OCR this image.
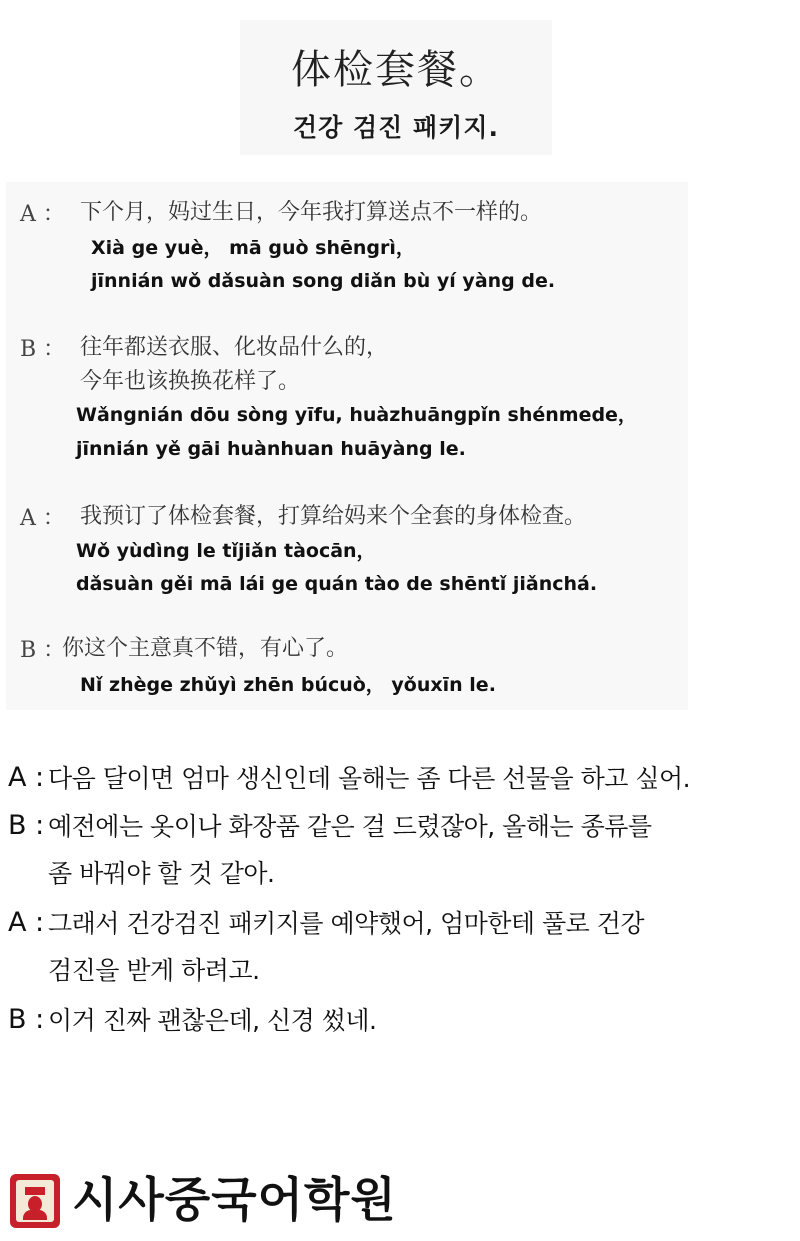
体检套餐。
건강 검진 패키지.
A ： 下个月，妈过生日，今年我打算送点不一样的。
Xià ge yuè， mā guò shēngrì，
jīnnián wǒ dǎsuàn song diǎn bù yí yàng de.
B ： 往年都送衣服、化妆品什么的，
今年也该换换花样了。
Wǎngnián dōu sòng yīfu, huàzhuāngpǐn shénmede，
jīnnián yě gāi huànhuan huāyàng le.
A ： 我预订了体检套餐，打算给妈来个全套的身体检查。
Wǒ yùdìng le tǐjiǎn tàocān，
dǎsuàn gěi mā lái ge quán tào de shēntǐ jiǎnchá.
B ：
你这个主意真不错，有心了。
Nǐ zhège zhǔyì zhēn búcuò， yǒuxīn le.
A : 다음 달이면 엄마 생신인데 올해는 좀 다른 선물을 하고 싶어.
B : 예전에는 옷이나 화장품 같은 걸 드렸잖아, 올해는 종류를
좀 바꿔야 할 것 같아.
A : 그래서 건강검진 패키지를 예약했어, 엄마한테 풀로 건강
검진을 받게 하려고.
B : 이거 진짜 괜찮은데, 신경 썼네.
시사중국어학원
